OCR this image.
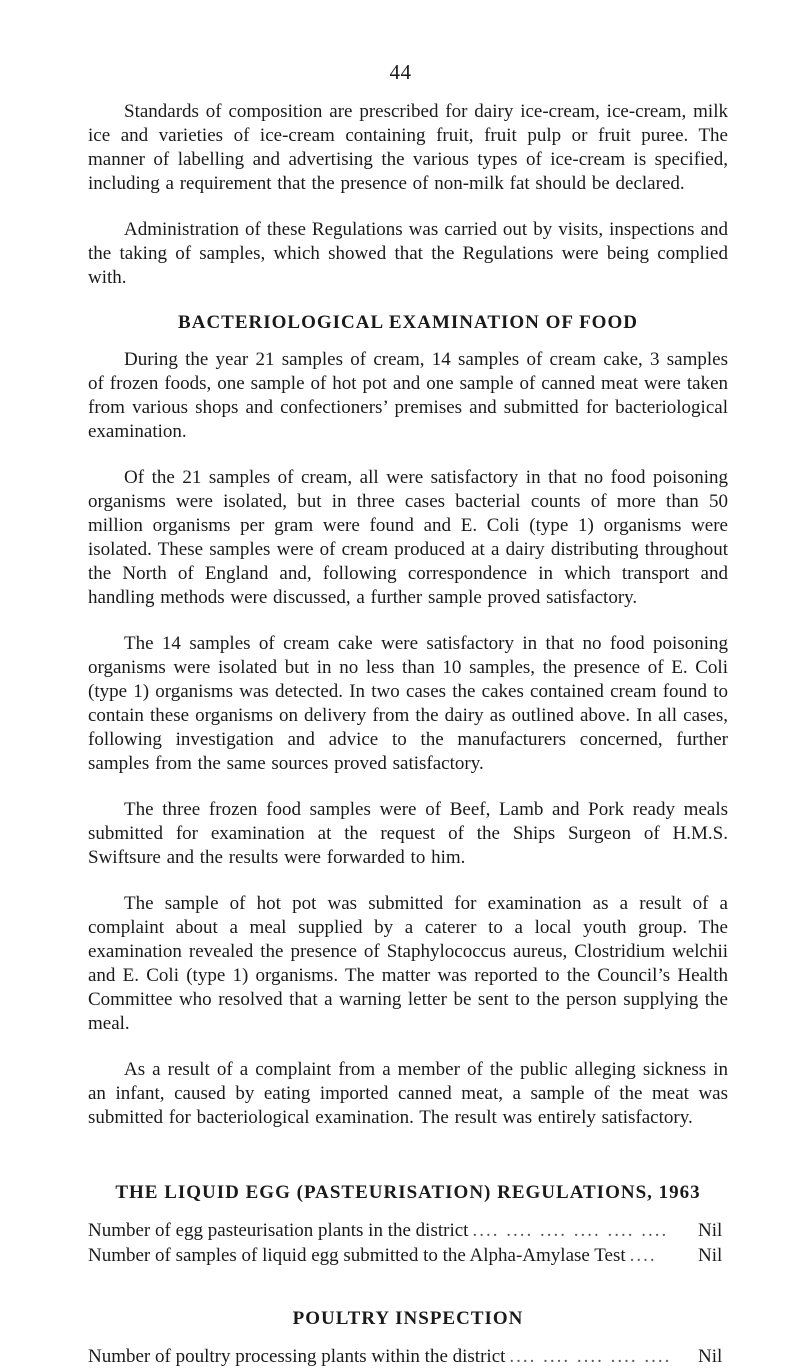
44

Standards of composition are prescribed for dairy ice-cream, ice-cream, milk ice and varieties of ice-cream containing fruit, fruit pulp or fruit puree. The manner of labelling and advertising the various types of ice-cream is specified, including a requirement that the presence of non-milk fat should be declared.

Administration of these Regulations was carried out by visits, inspections and the taking of samples, which showed that the Regulations were being complied with.

BACTERIOLOGICAL EXAMINATION OF FOOD

During the year 21 samples of cream, 14 samples of cream cake, 3 samples of frozen foods, one sample of hot pot and one sample of canned meat were taken from various shops and confectioners’ premises and submitted for bacteriological examination.

Of the 21 samples of cream, all were satisfactory in that no food poisoning organisms were isolated, but in three cases bacterial counts of more than 50 million organisms per gram were found and E. Coli (type 1) organisms were isolated. These samples were of cream produced at a dairy distributing throughout the North of England and, following correspondence in which transport and handling methods were discussed, a further sample proved satisfactory.

The 14 samples of cream cake were satisfactory in that no food poisoning organisms were isolated but in no less than 10 samples, the presence of E. Coli (type 1) organisms was detected. In two cases the cakes contained cream found to contain these organisms on delivery from the dairy as outlined above. In all cases, following investigation and advice to the manufacturers concerned, further samples from the same sources proved satisfactory.

The three frozen food samples were of Beef, Lamb and Pork ready meals submitted for examination at the request of the Ships Surgeon of H.M.S. Swiftsure and the results were forwarded to him.

The sample of hot pot was submitted for examination as a result of a complaint about a meal supplied by a caterer to a local youth group. The examination revealed the presence of Staphylococcus aureus, Clostridium welchii and E. Coli (type 1) organisms. The matter was reported to the Council’s Health Committee who resolved that a warning letter be sent to the person supplying the meal.

As a result of a complaint from a member of the public alleging sickness in an infant, caused by eating imported canned meat, a sample of the meat was submitted for bacteriological examination. The result was entirely satisfactory.

THE LIQUID EGG (PASTEURISATION) REGULATIONS, 1963
Number of egg pasteurisation plants in the district .... .... .... .... .... ....	Nil
Number of samples of liquid egg submitted to the Alpha-Amylase Test ....	Nil
POULTRY INSPECTION
Number of poultry processing plants within the district .... .... .... .... ....	Nil
